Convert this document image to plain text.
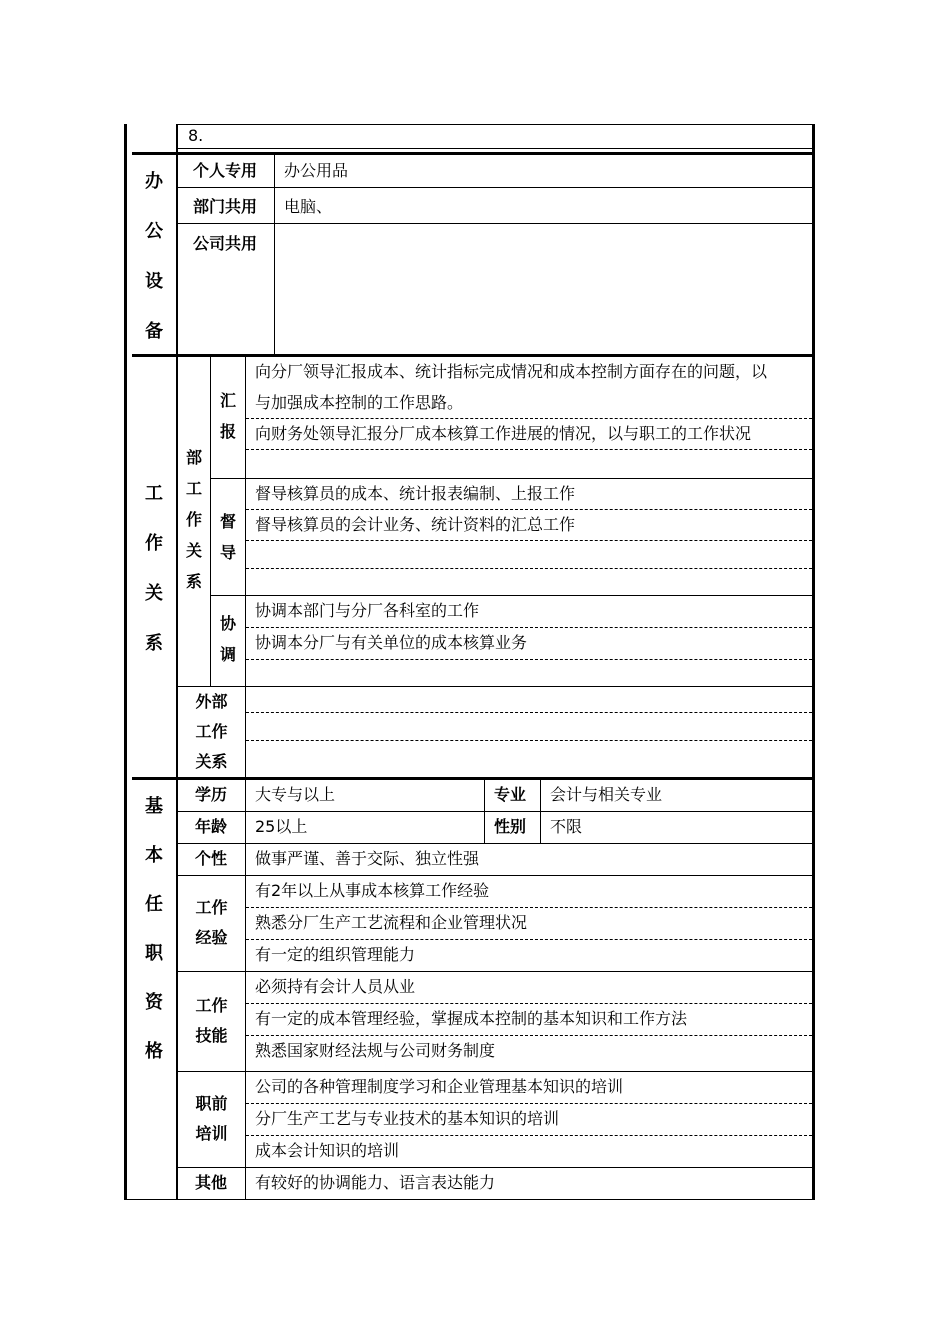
8.
办
公
设
备
个人专用 办公用品
部门共用 电脑、
公司共用
工
作
关
系
部
工
作
关
系
汇
报
向分厂领导汇报成本、统计指标完成情况和成本控制方面存在的问题，以
与加强成本控制的工作思路。
向财务处领导汇报分厂成本核算工作进展的情况，以与职工的工作状况
督
导
督导核算员的成本、统计报表编制、上报工作
督导核算员的会计业务、统计资料的汇总工作
协
调
协调本部门与分厂各科室的工作
协调本分厂与有关单位的成本核算业务
外部
工作
关系
基
本
任
职
资
格
学历 大专与以上	专业 会计与相关专业
年龄 25以上	性别 不限
个性 做事严谨、善于交际、独立性强
工作
经验
有2年以上从事成本核算工作经验
熟悉分厂生产工艺流程和企业管理状况
有一定的组织管理能力
工作
技能
必须持有会计人员从业
有一定的成本管理经验，掌握成本控制的基本知识和工作方法
熟悉国家财经法规与公司财务制度
职前
培训
公司的各种管理制度学习和企业管理基本知识的培训
分厂生产工艺与专业技术的基本知识的培训
成本会计知识的培训
其他 有较好的协调能力、语言表达能力
